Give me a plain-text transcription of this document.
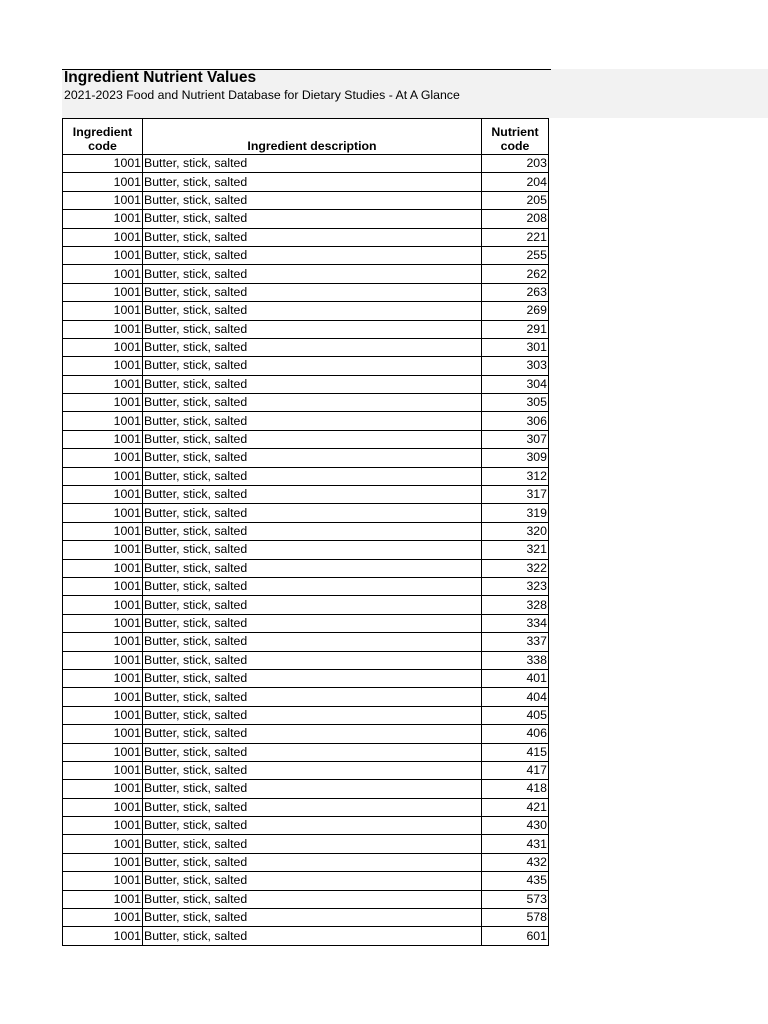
Ingredient Nutrient Values
2021-2023 Food and Nutrient Database for Dietary Studies - At A Glance
Ingredient code	Ingredient description	Nutrient code
1001	Butter, stick, salted	203
1001	Butter, stick, salted	204
1001	Butter, stick, salted	205
1001	Butter, stick, salted	208
1001	Butter, stick, salted	221
1001	Butter, stick, salted	255
1001	Butter, stick, salted	262
1001	Butter, stick, salted	263
1001	Butter, stick, salted	269
1001	Butter, stick, salted	291
1001	Butter, stick, salted	301
1001	Butter, stick, salted	303
1001	Butter, stick, salted	304
1001	Butter, stick, salted	305
1001	Butter, stick, salted	306
1001	Butter, stick, salted	307
1001	Butter, stick, salted	309
1001	Butter, stick, salted	312
1001	Butter, stick, salted	317
1001	Butter, stick, salted	319
1001	Butter, stick, salted	320
1001	Butter, stick, salted	321
1001	Butter, stick, salted	322
1001	Butter, stick, salted	323
1001	Butter, stick, salted	328
1001	Butter, stick, salted	334
1001	Butter, stick, salted	337
1001	Butter, stick, salted	338
1001	Butter, stick, salted	401
1001	Butter, stick, salted	404
1001	Butter, stick, salted	405
1001	Butter, stick, salted	406
1001	Butter, stick, salted	415
1001	Butter, stick, salted	417
1001	Butter, stick, salted	418
1001	Butter, stick, salted	421
1001	Butter, stick, salted	430
1001	Butter, stick, salted	431
1001	Butter, stick, salted	432
1001	Butter, stick, salted	435
1001	Butter, stick, salted	573
1001	Butter, stick, salted	578
1001	Butter, stick, salted	601
